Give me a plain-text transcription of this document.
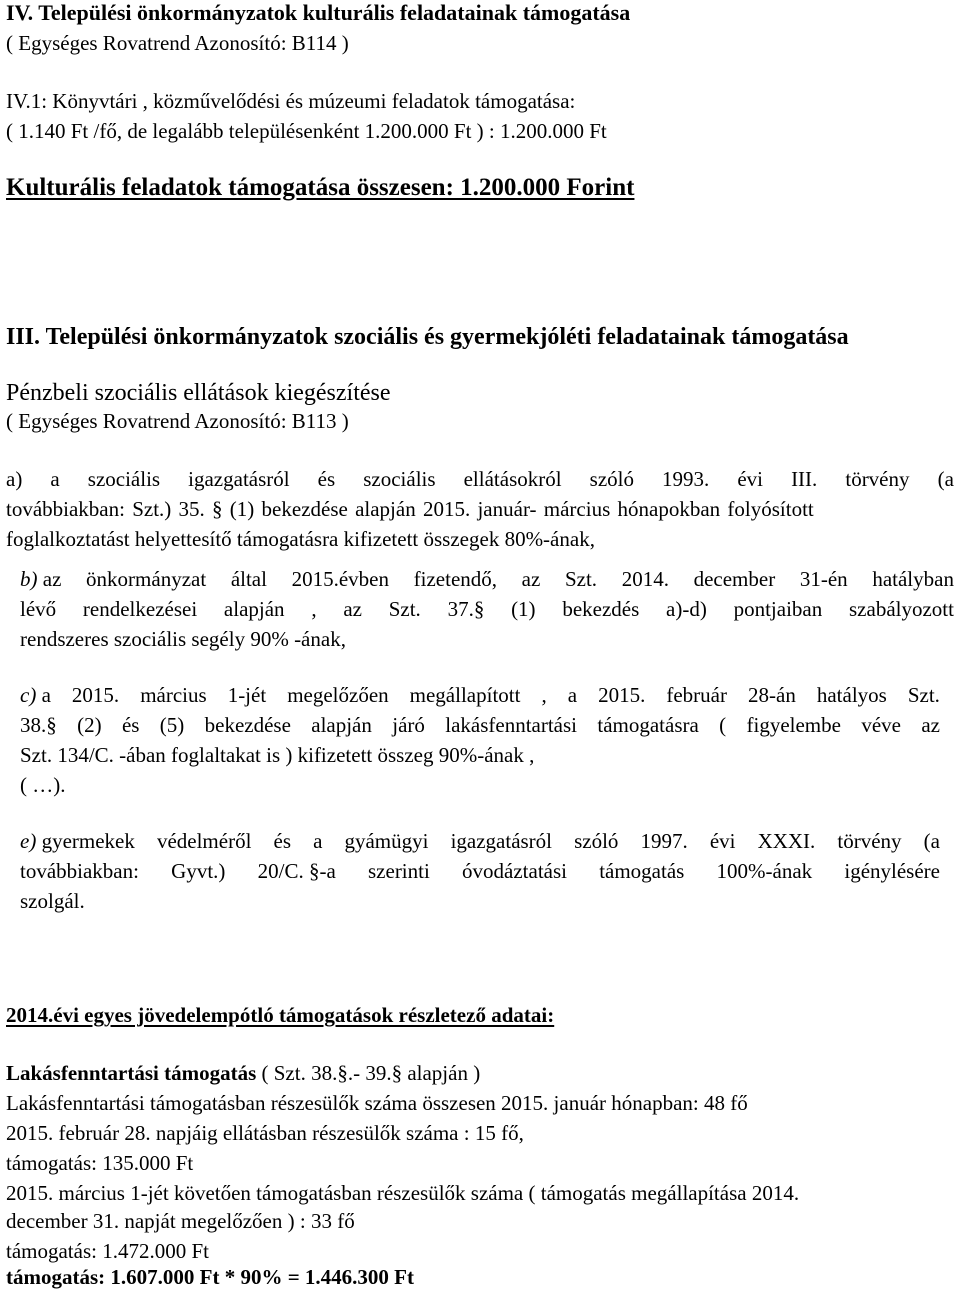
IV. Települési önkormányzatok kulturális feladatainak támogatása
( Egységes Rovatrend Azonosító: B114 )
IV.1: Könyvtári , közművelődési és múzeumi feladatok támogatása:
( 1.140 Ft /fő, de legalább településenként 1.200.000 Ft ) : 1.200.000 Ft
Kulturális feladatok támogatása összesen: 1.200.000 Forint
III. Települési önkormányzatok szociális és gyermekjóléti feladatainak támogatása
Pénzbeli szociális ellátások kiegészítése
( Egységes Rovatrend Azonosító: B113 )
a) a szociális igazgatásról és szociális ellátásokról szóló 1993. évi III. törvény (a
továbbiakban: Szt.) 35. § (1) bekezdése alapján 2015. január- március hónapokban folyósított
foglalkoztatást helyettesítő támogatásra kifizetett összegek 80%-ának,
b) az önkormányzat által 2015.évben fizetendő, az Szt. 2014. december 31-én hatályban
lévő rendelkezései alapján , az Szt. 37.§ (1) bekezdés a)-d) pontjaiban szabályozott
rendszeres szociális segély 90% -ának,
c) a 2015. március 1-jét megelőzően megállapított , a 2015. február 28-án hatályos Szt.
38.§ (2) és (5) bekezdése alapján járó lakásfenntartási támogatásra ( figyelembe véve az
Szt. 134/C. -ában foglaltakat is ) kifizetett összeg 90%-ának ,
( …).
e) gyermekek védelméről és a gyámügyi igazgatásról szóló 1997. évi XXXI. törvény (a
továbbiakban: Gyvt.) 20/C. §-a szerinti óvodáztatási támogatás 100%-ának igénylésére
szolgál.
2014.évi egyes jövedelempótló támogatások részletező adatai:
Lakásfenntartási támogatás ( Szt. 38.§.- 39.§ alapján )
Lakásfenntartási támogatásban részesülők száma összesen 2015. január hónapban: 48 fő
2015. február 28. napjáig ellátásban részesülők száma : 15 fő,
támogatás: 135.000 Ft
2015. március 1-jét követően támogatásban részesülők száma ( támogatás megállapítása 2014.
december 31. napját megelőzően ) : 33 fő
támogatás: 1.472.000 Ft
támogatás: 1.607.000 Ft * 90% = 1.446.300 Ft
